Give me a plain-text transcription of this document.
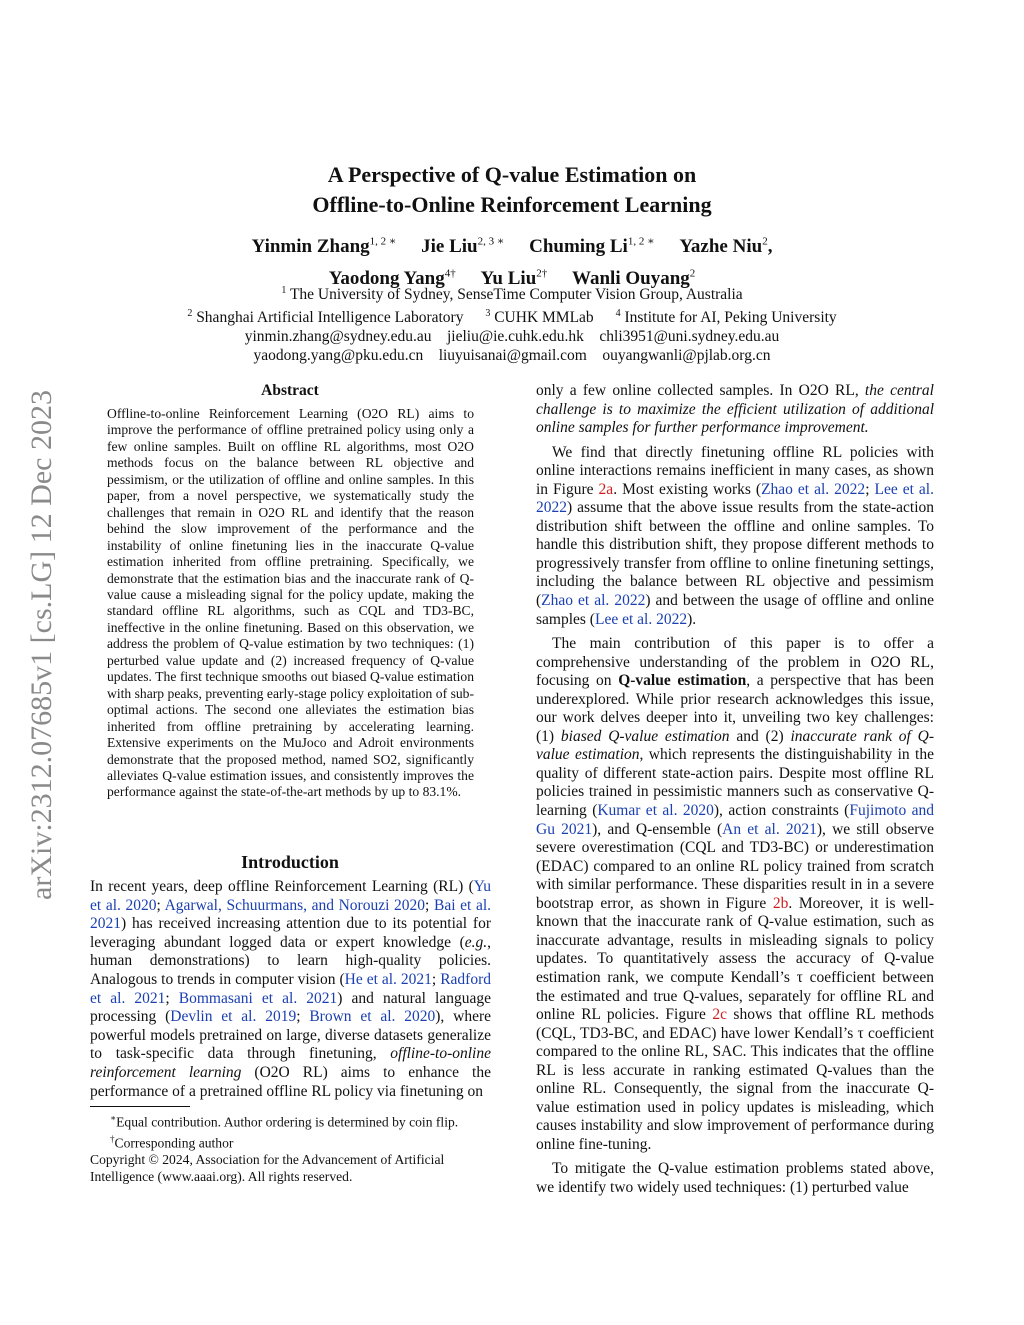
arXiv:2312.07685v1 [cs.LG] 12 Dec 2023
A Perspective of Q-value Estimation on
Offline-to-Online Reinforcement Learning
Yinmin Zhang$^{1, 2 ∗}$ Jie Liu$^{2, 3 ∗}$ Chuming $Li^{1, 2 ∗}$ Yazhe Niu$^2$,
Yaodong Yang$^{4\dagger}$ Yu Liu$^{2\dagger}$ Wanli Ouyang$^2$
$^1$ The University of Sydney, SenseTime Computer Vision Group, Australia
$^2$ Shanghai Artificial Intelligence Laboratory $^3$ CUHK MMLab $^4$ Institute for AI, Peking University
yinmin.zhang@sydney.edu.au    jieliu@ie.cuhk.edu.hk    chli3951@uni.sydney.edu.au
yaodong.yang@pku.edu.cn    liuyuisanai@gmail.com    ouyangwanli@pjlab.org.cn
Abstract
Offline-to-online Reinforcement Learning (O2O RL) aims to improve the performance of offline pretrained policy using only a few online samples. Built on offline RL algorithms, most O2O methods focus on the balance between RL objective and pessimism, or the utilization of offline and online samples. In this paper, from a novel perspective, we systematically study the challenges that remain in O2O RL and identify that the reason behind the slow improvement of the performance and the instability of online finetuning lies in the inaccurate Q-value estimation inherited from offline pretraining. Specifically, we demonstrate that the estimation bias and the inaccurate rank of Q-value cause a misleading signal for the policy update, making the standard offline RL algorithms, such as CQL and TD3-BC, ineffective in the online finetuning. Based on this observation, we address the problem of Q-value estimation by two techniques: (1) perturbed value update and (2) increased frequency of Q-value updates. The first technique smooths out biased Q-value estimation with sharp peaks, preventing early-stage policy exploitation of sub-optimal actions. The second one alleviates the estimation bias inherited from offline pretraining by accelerating learning. Extensive experiments on the MuJoco and Adroit environments demonstrate that the proposed method, named SO2, significantly alleviates Q-value estimation issues, and consistently improves the performance against the state-of-the-art methods by up to 83.1%.
Introduction
In recent years, deep offline Reinforcement Learning (RL) (Yu et al. 2020; Agarwal, Schuurmans, and Norouzi 2020; Bai et al. 2021) has received increasing attention due to its potential for leveraging abundant logged data or expert knowledge (e.g., human demonstrations) to learn high-quality policies. Analogous to trends in computer vision (He et al. 2021; Radford et al. 2021; Bommasani et al. 2021) and natural language processing (Devlin et al. 2019; Brown et al. 2020), where powerful models pretrained on large, diverse datasets generalize to task-specific data through finetuning, offline-to-online reinforcement learning (O2O RL) aims to enhance the performance of a pretrained offline RL policy via finetuning on
∗Equal contribution. Author ordering is determined by coin flip.
†Corresponding author
Copyright © 2024, Association for the Advancement of Artificial Intelligence (www.aaai.org). All rights reserved.

only a few online collected samples. In O2O RL, the central challenge is to maximize the efficient utilization of additional online samples for further performance improvement.

We find that directly finetuning offline RL policies with online interactions remains inefficient in many cases, as shown in Figure 2a. Most existing works (Zhao et al. 2022; Lee et al. 2022) assume that the above issue results from the state-action distribution shift between the offline and online samples. To handle this distribution shift, they propose different methods to progressively transfer from offline to online finetuning settings, including the balance between RL objective and pessimism (Zhao et al. 2022) and between the usage of offline and online samples (Lee et al. 2022).

The main contribution of this paper is to offer a comprehensive understanding of the problem in O2O RL, focusing on Q-value estimation, a perspective that has been underexplored. While prior research acknowledges this issue, our work delves deeper into it, unveiling two key challenges: (1) biased Q-value estimation and (2) inaccurate rank of Q-value estimation, which represents the distinguishability in the quality of different state-action pairs. Despite most offline RL policies trained in pessimistic manners such as conservative Q-learning (Kumar et al. 2020), action constraints (Fujimoto and Gu 2021), and Q-ensemble (An et al. 2021), we still observe severe overestimation (CQL and TD3-BC) or underestimation (EDAC) compared to an online RL policy trained from scratch with similar performance. These disparities result in in a severe bootstrap error, as shown in Figure 2b. Moreover, it is well-known that the inaccurate rank of Q-value estimation, such as inaccurate advantage, results in misleading signals to policy updates. To quantitatively assess the accuracy of Q-value estimation rank, we compute Kendall’s τ coefficient between the estimated and true Q-values, separately for offline RL and online RL policies. Figure 2c shows that offline RL methods (CQL, TD3-BC, and EDAC) have lower Kendall’s τ coefficient compared to the online RL, SAC. This indicates that the offline RL is less accurate in ranking estimated Q-values than the online RL. Consequently, the signal from the inaccurate Q-value estimation used in policy updates is misleading, which causes instability and slow improvement of performance during online fine-tuning.

To mitigate the Q-value estimation problems stated above, we identify two widely used techniques: (1) perturbed value
